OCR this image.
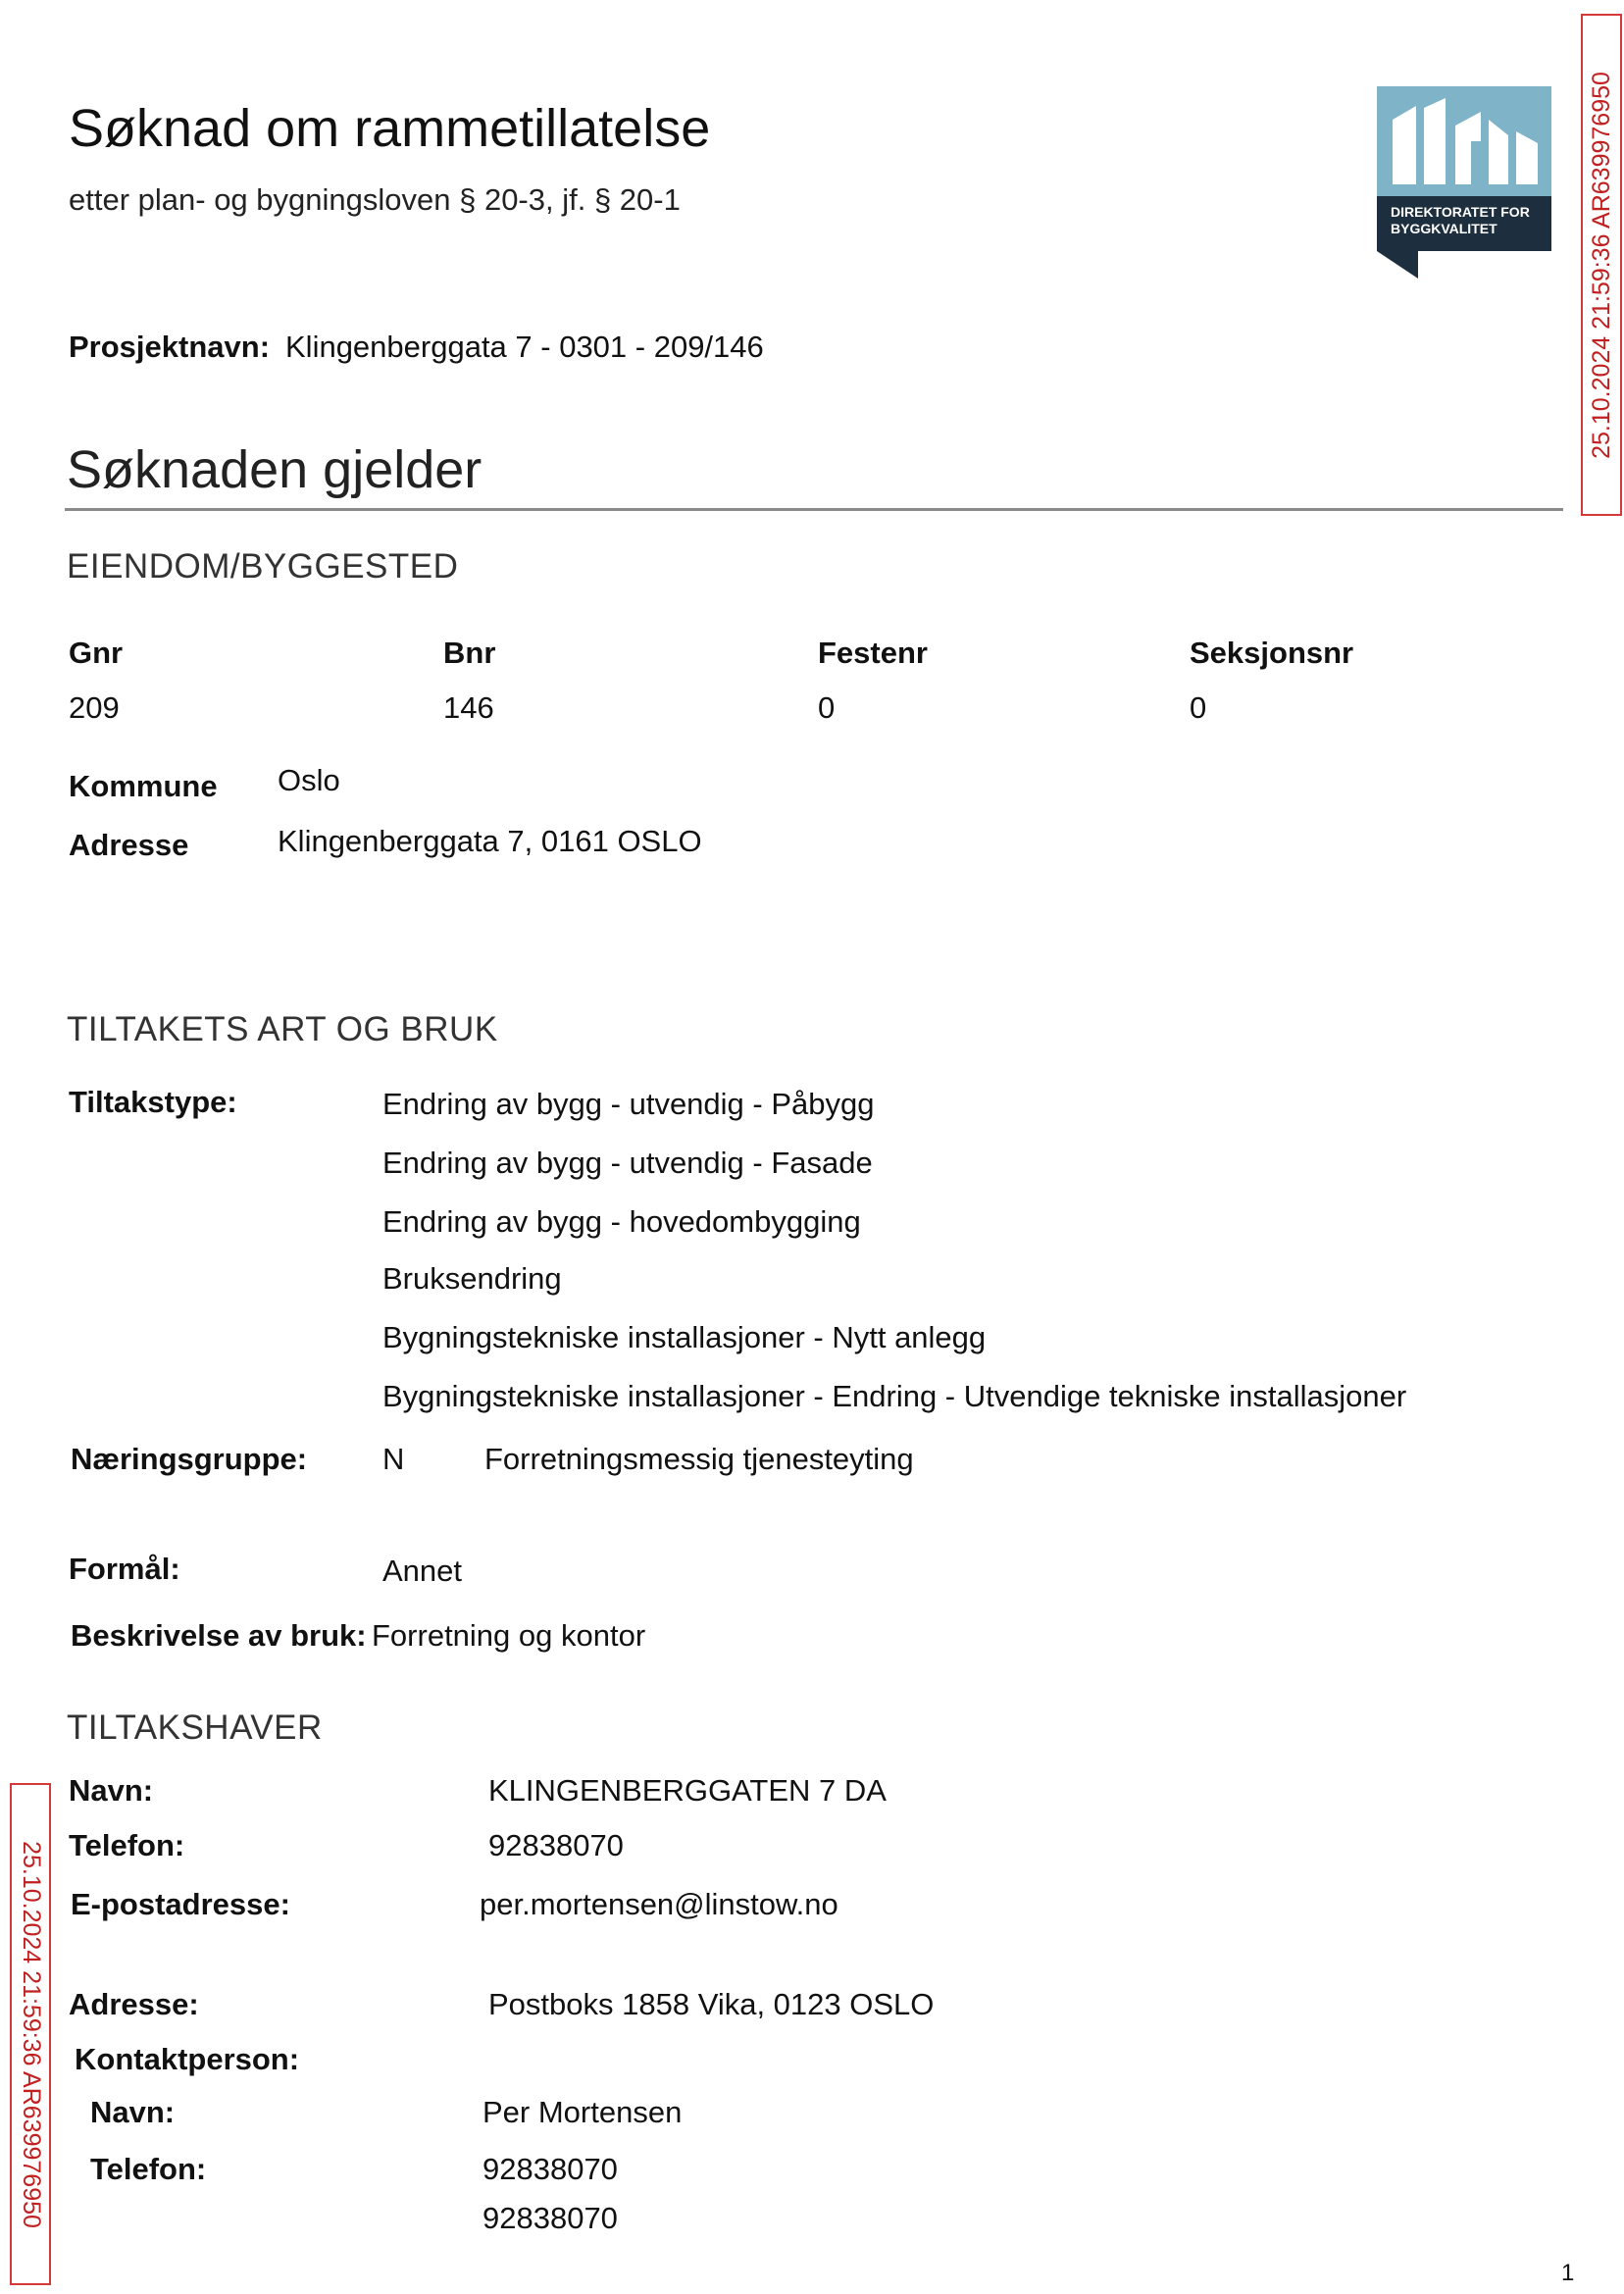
Søknad om rammetillatelse
etter plan- og bygningsloven § 20-3, jf. § 20-1	DIREKTORATET FOR BYGGKVALITET	25.10.2024 21:59:36 AR639976950
25.10.2024 21:59:36 AR639976950
Prosjektnavn: Klingenberggata 7 - 0301 - 209/146
Søknaden gjelder
EIENDOM/BYGGESTED
Gnr	Bnr	Festenr	Seksjonsnr
209	146	0	0
Kommune Oslo
Adresse	Klingenberggata 7, 0161 OSLO
TILTAKETS ART OG BRUK
Tiltakstype:	Endring av bygg - utvendig - Påbygg
Endring av bygg - utvendig - Fasade
Endring av bygg - hovedombygging
Bruksendring
Bygningstekniske installasjoner - Nytt anlegg
Bygningstekniske installasjoner - Endring - Utvendige tekniske installasjoner
Næringsgruppe: N	Forretningsmessig tjenesteyting
Formål:	Annet
Beskrivelse av bruk: Forretning og kontor
TILTAKSHAVER
Navn:	KLINGENBERGGATEN 7 DA
Telefon:	92838070
E-postadresse:	per.mortensen@linstow.no
Adresse:	Postboks 1858 Vika, 0123 OSLO
Kontaktperson:
Navn:	Per Mortensen
Telefon:	92838070
92838070
1
